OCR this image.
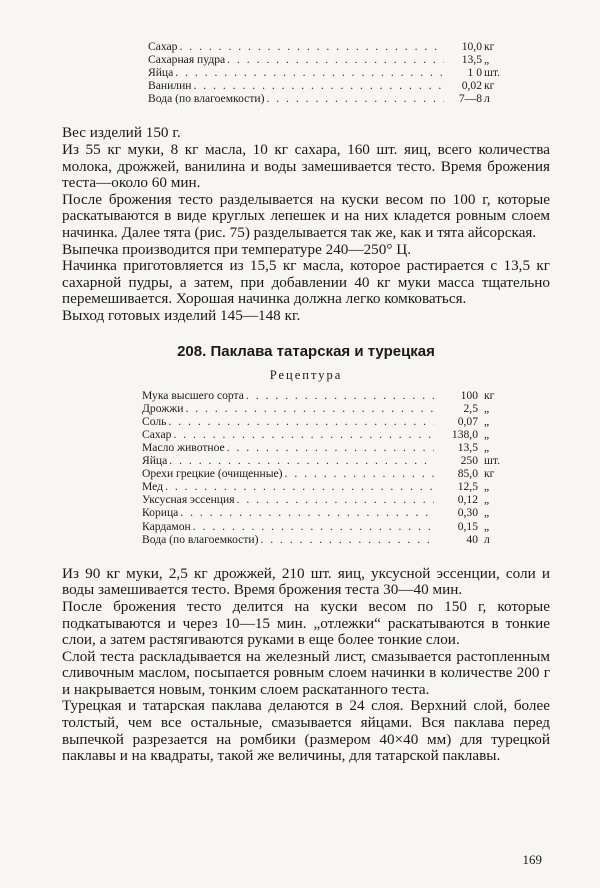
Сахар . . .	10,0 кг
Сахарная пудра . . .	13,5 „
Яйца . . .	1 0 шт.
Ванилин . . .	0,02 кг
Вода (по влагоемкости) . . .	7—8 л

Вес изделий 150 г.

Из 55 кг муки, 8 кг масла, 10 кг сахара, 160 шт. яиц, всего количества молока, дрожжей, ванилина и воды замешивается тесто. Время брожения теста—около 60 мин.

После брожения тесто разделывается на куски весом по 100 г, которые раскатываются в виде круглых лепешек и на них кладется ровным слоем начинка. Далее тята (рис. 75) разделывается так же, как и тята айсорская.

Выпечка производится при температуре 240—250° Ц.

Начинка приготовляется из 15,5 кг масла, которое растирается с 13,5 кг сахарной пудры, а затем, при добавлении 40 кг муки масса тщательно перемешивается. Хорошая начинка должна легко комковаться.

Выход готовых изделий 145—148 кг.

208. Паклава татарская и турецкая
Рецептура
Мука высшего сорта . . .	100 кг
Дрожжи . . .	2,5 „
Соль . . .	0,07 „
Сахар . . .	138,0 „
Масло животное . . .	13,5 „
Яйца . . .	250 шт.
Орехи грецкие (очищенные) . . .	85,0 кг
Мед . . .	12,5 „
Уксусная эссенция . . .	0,12 „
Корица . . .	0,30 „
Кардамон . . .	0,15 „
Вода (по влагоемкости) . . .	40 л

Из 90 кг муки, 2,5 кг дрожжей, 210 шт. яиц, уксусной эссенции, соли и воды замешивается тесто. Время брожения теста 30—40 мин.

После брожения тесто делится на куски весом по 150 г, которые подкатываются и через 10—15 мин. „отлежки“ раскатываются в тонкие слои, а затем растягиваются руками в еще более тонкие слои.

Слой теста раскладывается на железный лист, смазывается растопленным сливочным маслом, посыпается ровным слоем начинки в количестве 200 г и накрывается новым, тонким слоем раскатанного теста.

Турецкая и татарская паклава делаются в 24 слоя. Верхний слой, более толстый, чем все остальные, смазывается яйцами. Вся паклава перед выпечкой разрезается на ромбики (размером 40×40 мм) для турецкой паклавы и на квадраты, такой же величины, для татарской паклавы.

169
